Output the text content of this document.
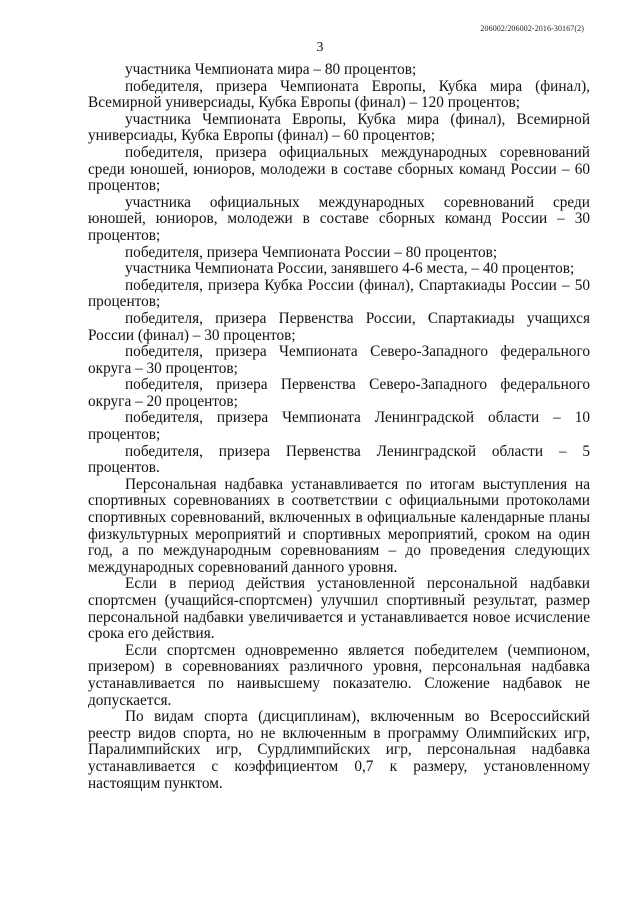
206002/206002-2016-30167(2)
3

участника Чемпионата мира – 80 процентов;

победителя, призера Чемпионата Европы, Кубка мира (финал), Всемирной универсиады, Кубка Европы (финал) – 120 процентов;

участника Чемпионата Европы, Кубка мира (финал), Всемирной универсиады, Кубка Европы (финал) – 60 процентов;

победителя, призера официальных международных соревнований среди юношей, юниоров, молодежи в составе сборных команд России – 60 процентов;

участника официальных международных соревнований среди юношей, юниоров, молодежи в составе сборных команд России – 30 процентов;

победителя, призера Чемпионата России – 80 процентов;

участника Чемпионата России, занявшего 4-6 места, – 40 процентов;

победителя, призера Кубка России (финал), Спартакиады России – 50 процентов;

победителя, призера Первенства России, Спартакиады учащихся России (финал) – 30 процентов;

победителя, призера Чемпионата Северо-Западного федерального округа – 30 процентов;

победителя, призера Первенства Северо-Западного федерального округа – 20 процентов;

победителя, призера Чемпионата Ленинградской области – 10 процентов;

победителя, призера Первенства Ленинградской области – 5 процентов.

Персональная надбавка устанавливается по итогам выступления на спортивных соревнованиях в соответствии с официальными протоколами спортивных соревнований, включенных в официальные календарные планы физкультурных мероприятий и спортивных мероприятий, сроком на один год, а по международным соревнованиям – до проведения следующих международных соревнований данного уровня.

Если в период действия установленной персональной надбавки спортсмен (учащийся-спортсмен) улучшил спортивный результат, размер персональной надбавки увеличивается и устанавливается новое исчисление срока его действия.

Если спортсмен одновременно является победителем (чемпионом, призером) в соревнованиях различного уровня, персональная надбавка устанавливается по наивысшему показателю. Сложение надбавок не допускается.

По видам спорта (дисциплинам), включенным во Всероссийский реестр видов спорта, но не включенным в программу Олимпийских игр, Паралимпийских игр, Сурдлимпийских игр, персональная надбавка устанавливается с коэффициентом 0,7 к размеру, установленному настоящим пунктом.
